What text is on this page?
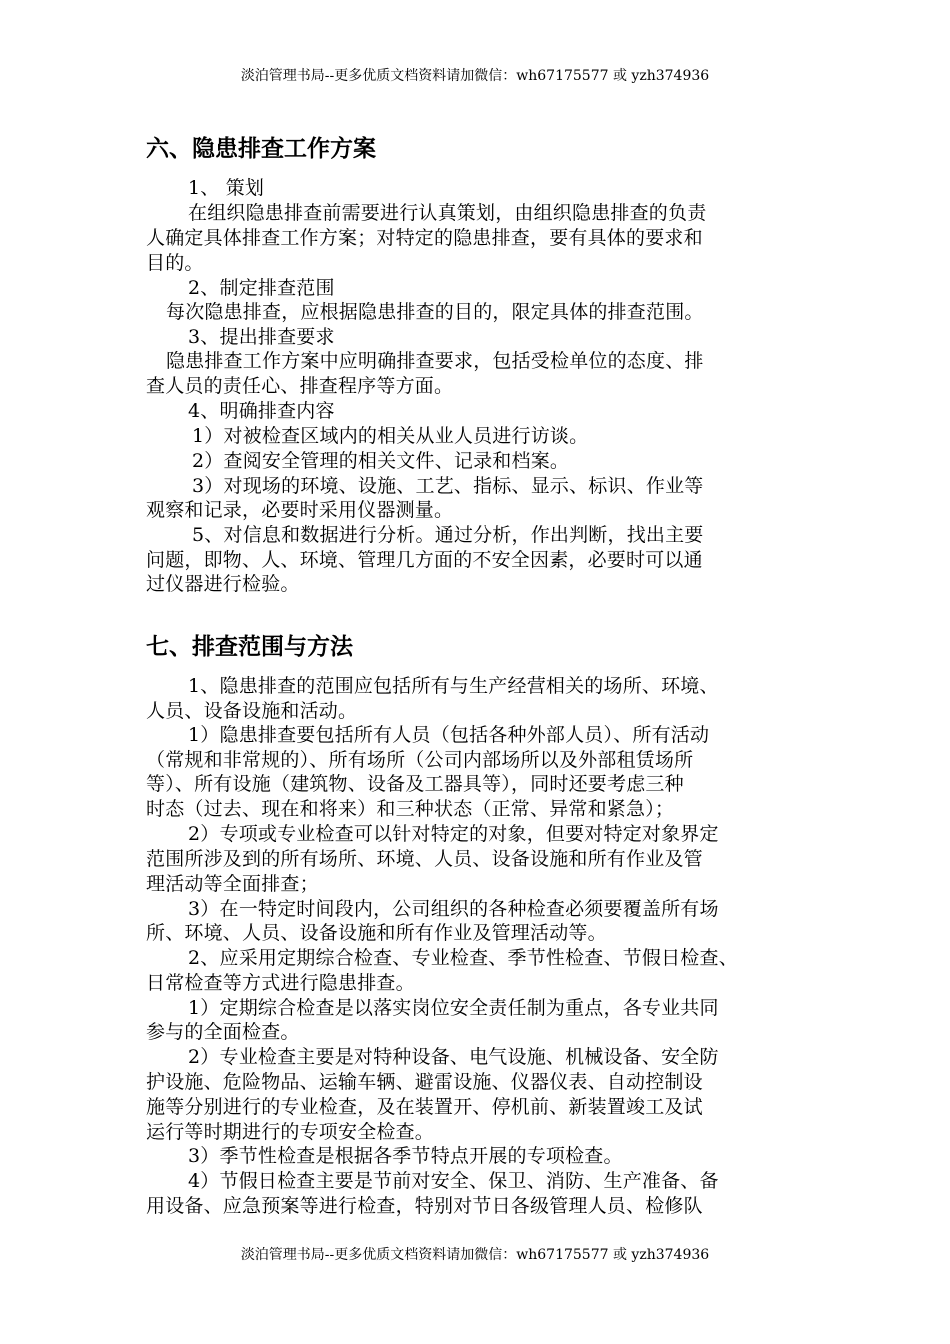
淡泊管理书局--更多优质文档资料请加微信：wh67175577 或 yzh374936
六、隐患排查工作方案
1、 策划
在组织隐患排查前需要进行认真策划，由组织隐患排查的负责
人确定具体排查工作方案；对特定的隐患排查，要有具体的要求和
目的。
2、制定排查范围
每次隐患排查，应根据隐患排查的目的，限定具体的排查范围。
3、提出排查要求
隐患排查工作方案中应明确排查要求，包括受检单位的态度、排
查人员的责任心、排查程序等方面。
4、明确排查内容
1）对被检查区域内的相关从业人员进行访谈。
2）查阅安全管理的相关文件、记录和档案。
3）对现场的环境、设施、工艺、指标、显示、标识、作业等
观察和记录，必要时采用仪器测量。
5、对信息和数据进行分析。通过分析，作出判断，找出主要
问题，即物、人、环境、管理几方面的不安全因素，必要时可以通
过仪器进行检验。
七、排查范围与方法
1、隐患排查的范围应包括所有与生产经营相关的场所、环境、
人员、设备设施和活动。
1）隐患排查要包括所有人员（包括各种外部人员）、所有活动
（常规和非常规的）、所有场所（公司内部场所以及外部租赁场所
等）、所有设施（建筑物、设备及工器具等），同时还要考虑三种
时态（过去、现在和将来）和三种状态（正常、异常和紧急）；
2）专项或专业检查可以针对特定的对象，但要对特定对象界定
范围所涉及到的所有场所、环境、人员、设备设施和所有作业及管
理活动等全面排查；
3）在一特定时间段内，公司组织的各种检查必须要覆盖所有场
所、环境、人员、设备设施和所有作业及管理活动等。
2、应采用定期综合检查、专业检查、季节性检查、节假日检查、
日常检查等方式进行隐患排查。
1）定期综合检查是以落实岗位安全责任制为重点，各专业共同
参与的全面检查。
2）专业检查主要是对特种设备、电气设施、机械设备、安全防
护设施、危险物品、运输车辆、避雷设施、仪器仪表、自动控制设
施等分别进行的专业检查，及在装置开、停机前、新装置竣工及试
运行等时期进行的专项安全检查。
3）季节性检查是根据各季节特点开展的专项检查。
4）节假日检查主要是节前对安全、保卫、消防、生产准备、备
用设备、应急预案等进行检查，特别对节日各级管理人员、检修队
淡泊管理书局--更多优质文档资料请加微信：wh67175577 或 yzh374936
